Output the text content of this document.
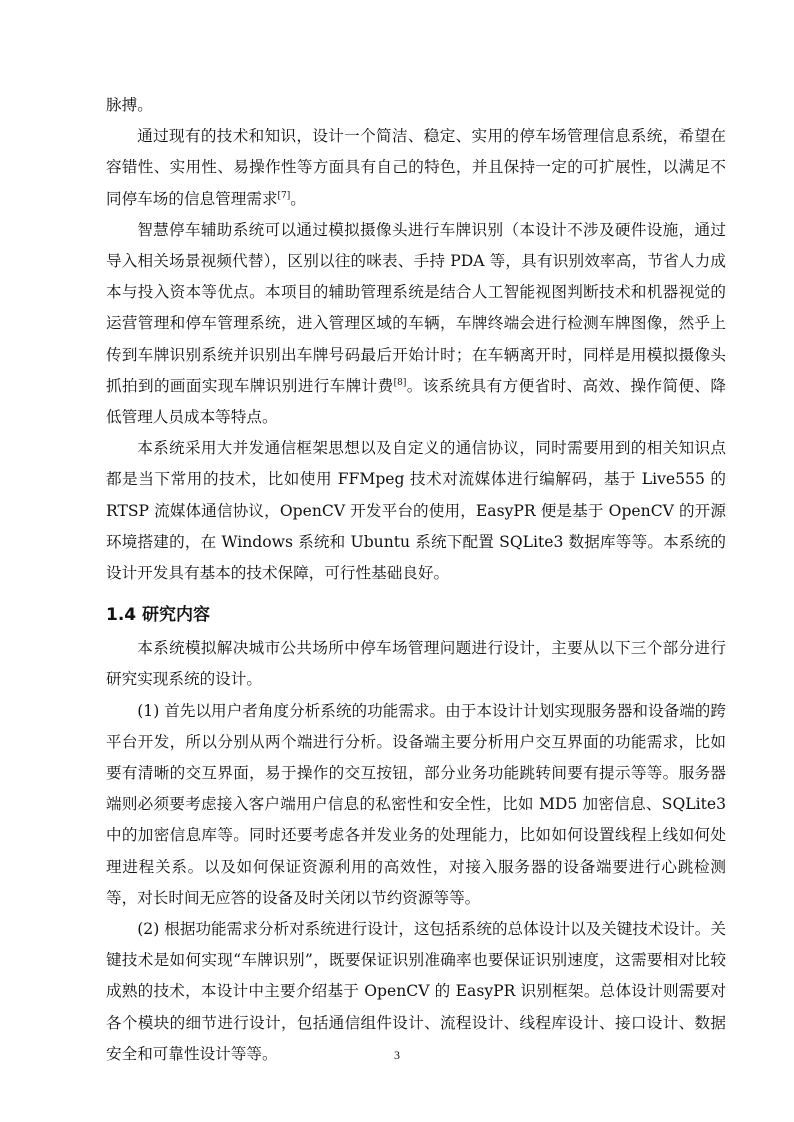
脉搏。

通过现有的技术和知识，设计一个简洁、稳定、实用的停车场管理信息系统，希望在容错性、实用性、易操作性等方面具有自己的特色，并且保持一定的可扩展性，以满足不同停车场的信息管理需求[7]。

智慧停车辅助系统可以通过模拟摄像头进行车牌识别（本设计不涉及硬件设施，通过导入相关场景视频代替），区别以往的咪表、手持 PDA 等，具有识别效率高，节省人力成本与投入资本等优点。本项目的辅助管理系统是结合人工智能视图判断技术和机器视觉的运营管理和停车管理系统，进入管理区域的车辆，车牌终端会进行检测车牌图像，然乎上传到车牌识别系统并识别出车牌号码最后开始计时；在车辆离开时，同样是用模拟摄像头抓拍到的画面实现车牌识别进行车牌计费[8]。该系统具有方便省时、高效、操作简便、降低管理人员成本等特点。

本系统采用大并发通信框架思想以及自定义的通信协议，同时需要用到的相关知识点都是当下常用的技术，比如使用 FFMpeg 技术对流媒体进行编解码，基于 Live555 的 RTSP 流媒体通信协议，OpenCV 开发平台的使用，EasyPR 便是基于 OpenCV 的开源环境搭建的，在 Windows 系统和 Ubuntu 系统下配置 SQLite3 数据库等等。本系统的设计开发具有基本的技术保障，可行性基础良好。

1.4 研究内容

本系统模拟解决城市公共场所中停车场管理问题进行设计，主要从以下三个部分进行研究实现系统的设计。

(1) 首先以用户者角度分析系统的功能需求。由于本设计计划实现服务器和设备端的跨平台开发，所以分别从两个端进行分析。设备端主要分析用户交互界面的功能需求，比如要有清晰的交互界面，易于操作的交互按钮，部分业务功能跳转间要有提示等等。服务器端则必须要考虑接入客户端用户信息的私密性和安全性，比如 MD5 加密信息、SQLite3 中的加密信息库等。同时还要考虑各并发业务的处理能力，比如如何设置线程上线如何处理进程关系。以及如何保证资源利用的高效性，对接入服务器的设备端要进行心跳检测等，对长时间无应答的设备及时关闭以节约资源等等。

(2) 根据功能需求分析对系统进行设计，这包括系统的总体设计以及关键技术设计。关键技术是如何实现“车牌识别”，既要保证识别准确率也要保证识别速度，这需要相对比较成熟的技术，本设计中主要介绍基于 OpenCV 的 EasyPR 识别框架。总体设计则需要对各个模块的细节进行设计，包括通信组件设计、流程设计、线程库设计、接口设计、数据安全和可靠性设计等等。	3
